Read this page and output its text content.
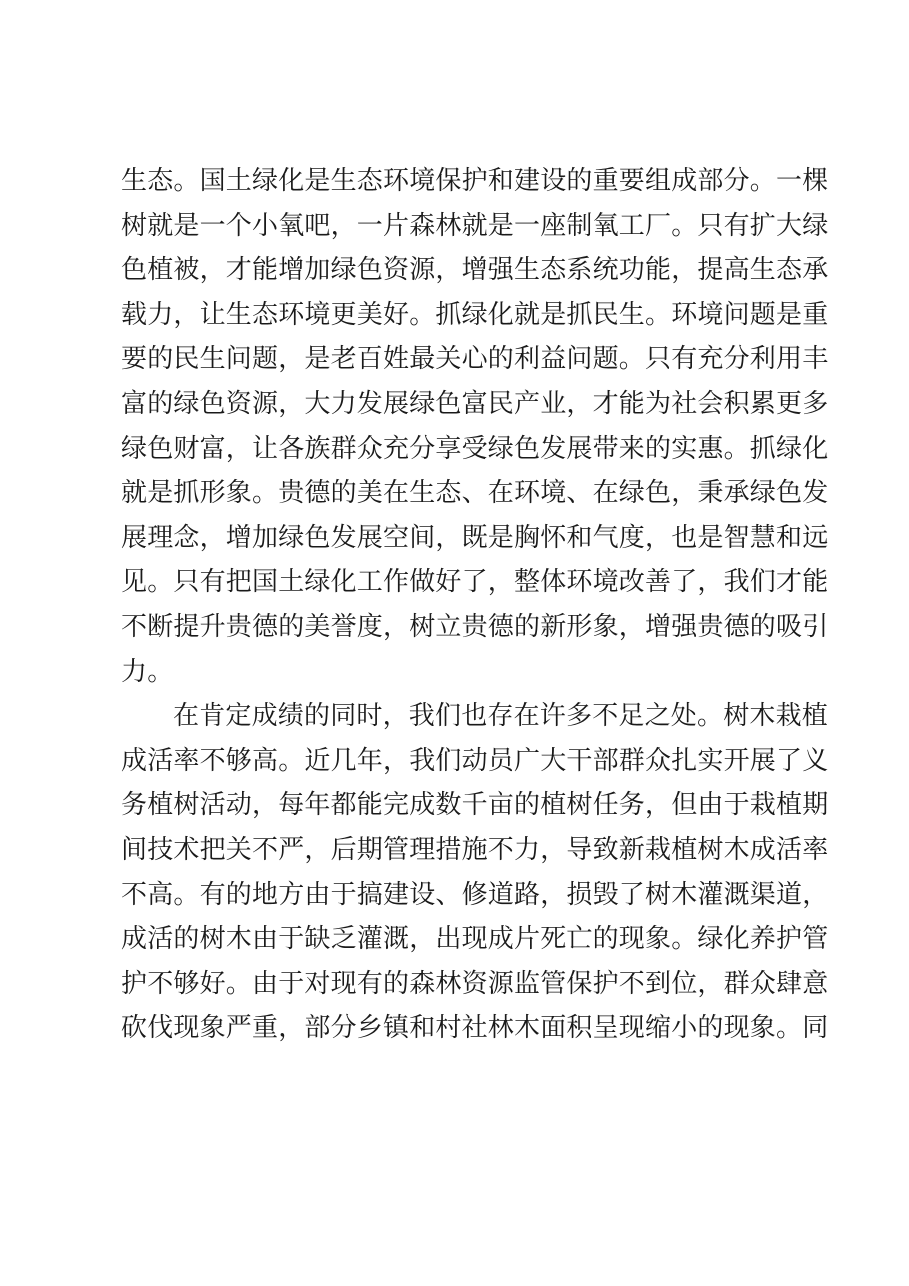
生态。国土绿化是生态环境保护和建设的重要组成部分。一棵
树就是一个小氧吧，一片森林就是一座制氧工厂。只有扩大绿
色植被，才能增加绿色资源，增强生态系统功能，提高生态承
载力，让生态环境更美好。抓绿化就是抓民生。环境问题是重
要的民生问题，是老百姓最关心的利益问题。只有充分利用丰
富的绿色资源，大力发展绿色富民产业，才能为社会积累更多
绿色财富，让各族群众充分享受绿色发展带来的实惠。抓绿化
就是抓形象。贵德的美在生态、在环境、在绿色，秉承绿色发
展理念，增加绿色发展空间，既是胸怀和气度，也是智慧和远
见。只有把国土绿化工作做好了，整体环境改善了，我们才能
不断提升贵德的美誉度，树立贵德的新形象，增强贵德的吸引
力。
在肯定成绩的同时，我们也存在许多不足之处。树木栽植
成活率不够高。近几年，我们动员广大干部群众扎实开展了义
务植树活动，每年都能完成数千亩的植树任务，但由于栽植期
间技术把关不严，后期管理措施不力，导致新栽植树木成活率
不高。有的地方由于搞建设、修道路，损毁了树木灌溉渠道，
成活的树木由于缺乏灌溉，出现成片死亡的现象。绿化养护管
护不够好。由于对现有的森林资源监管保护不到位，群众肆意
砍伐现象严重，部分乡镇和村社林木面积呈现缩小的现象。同
